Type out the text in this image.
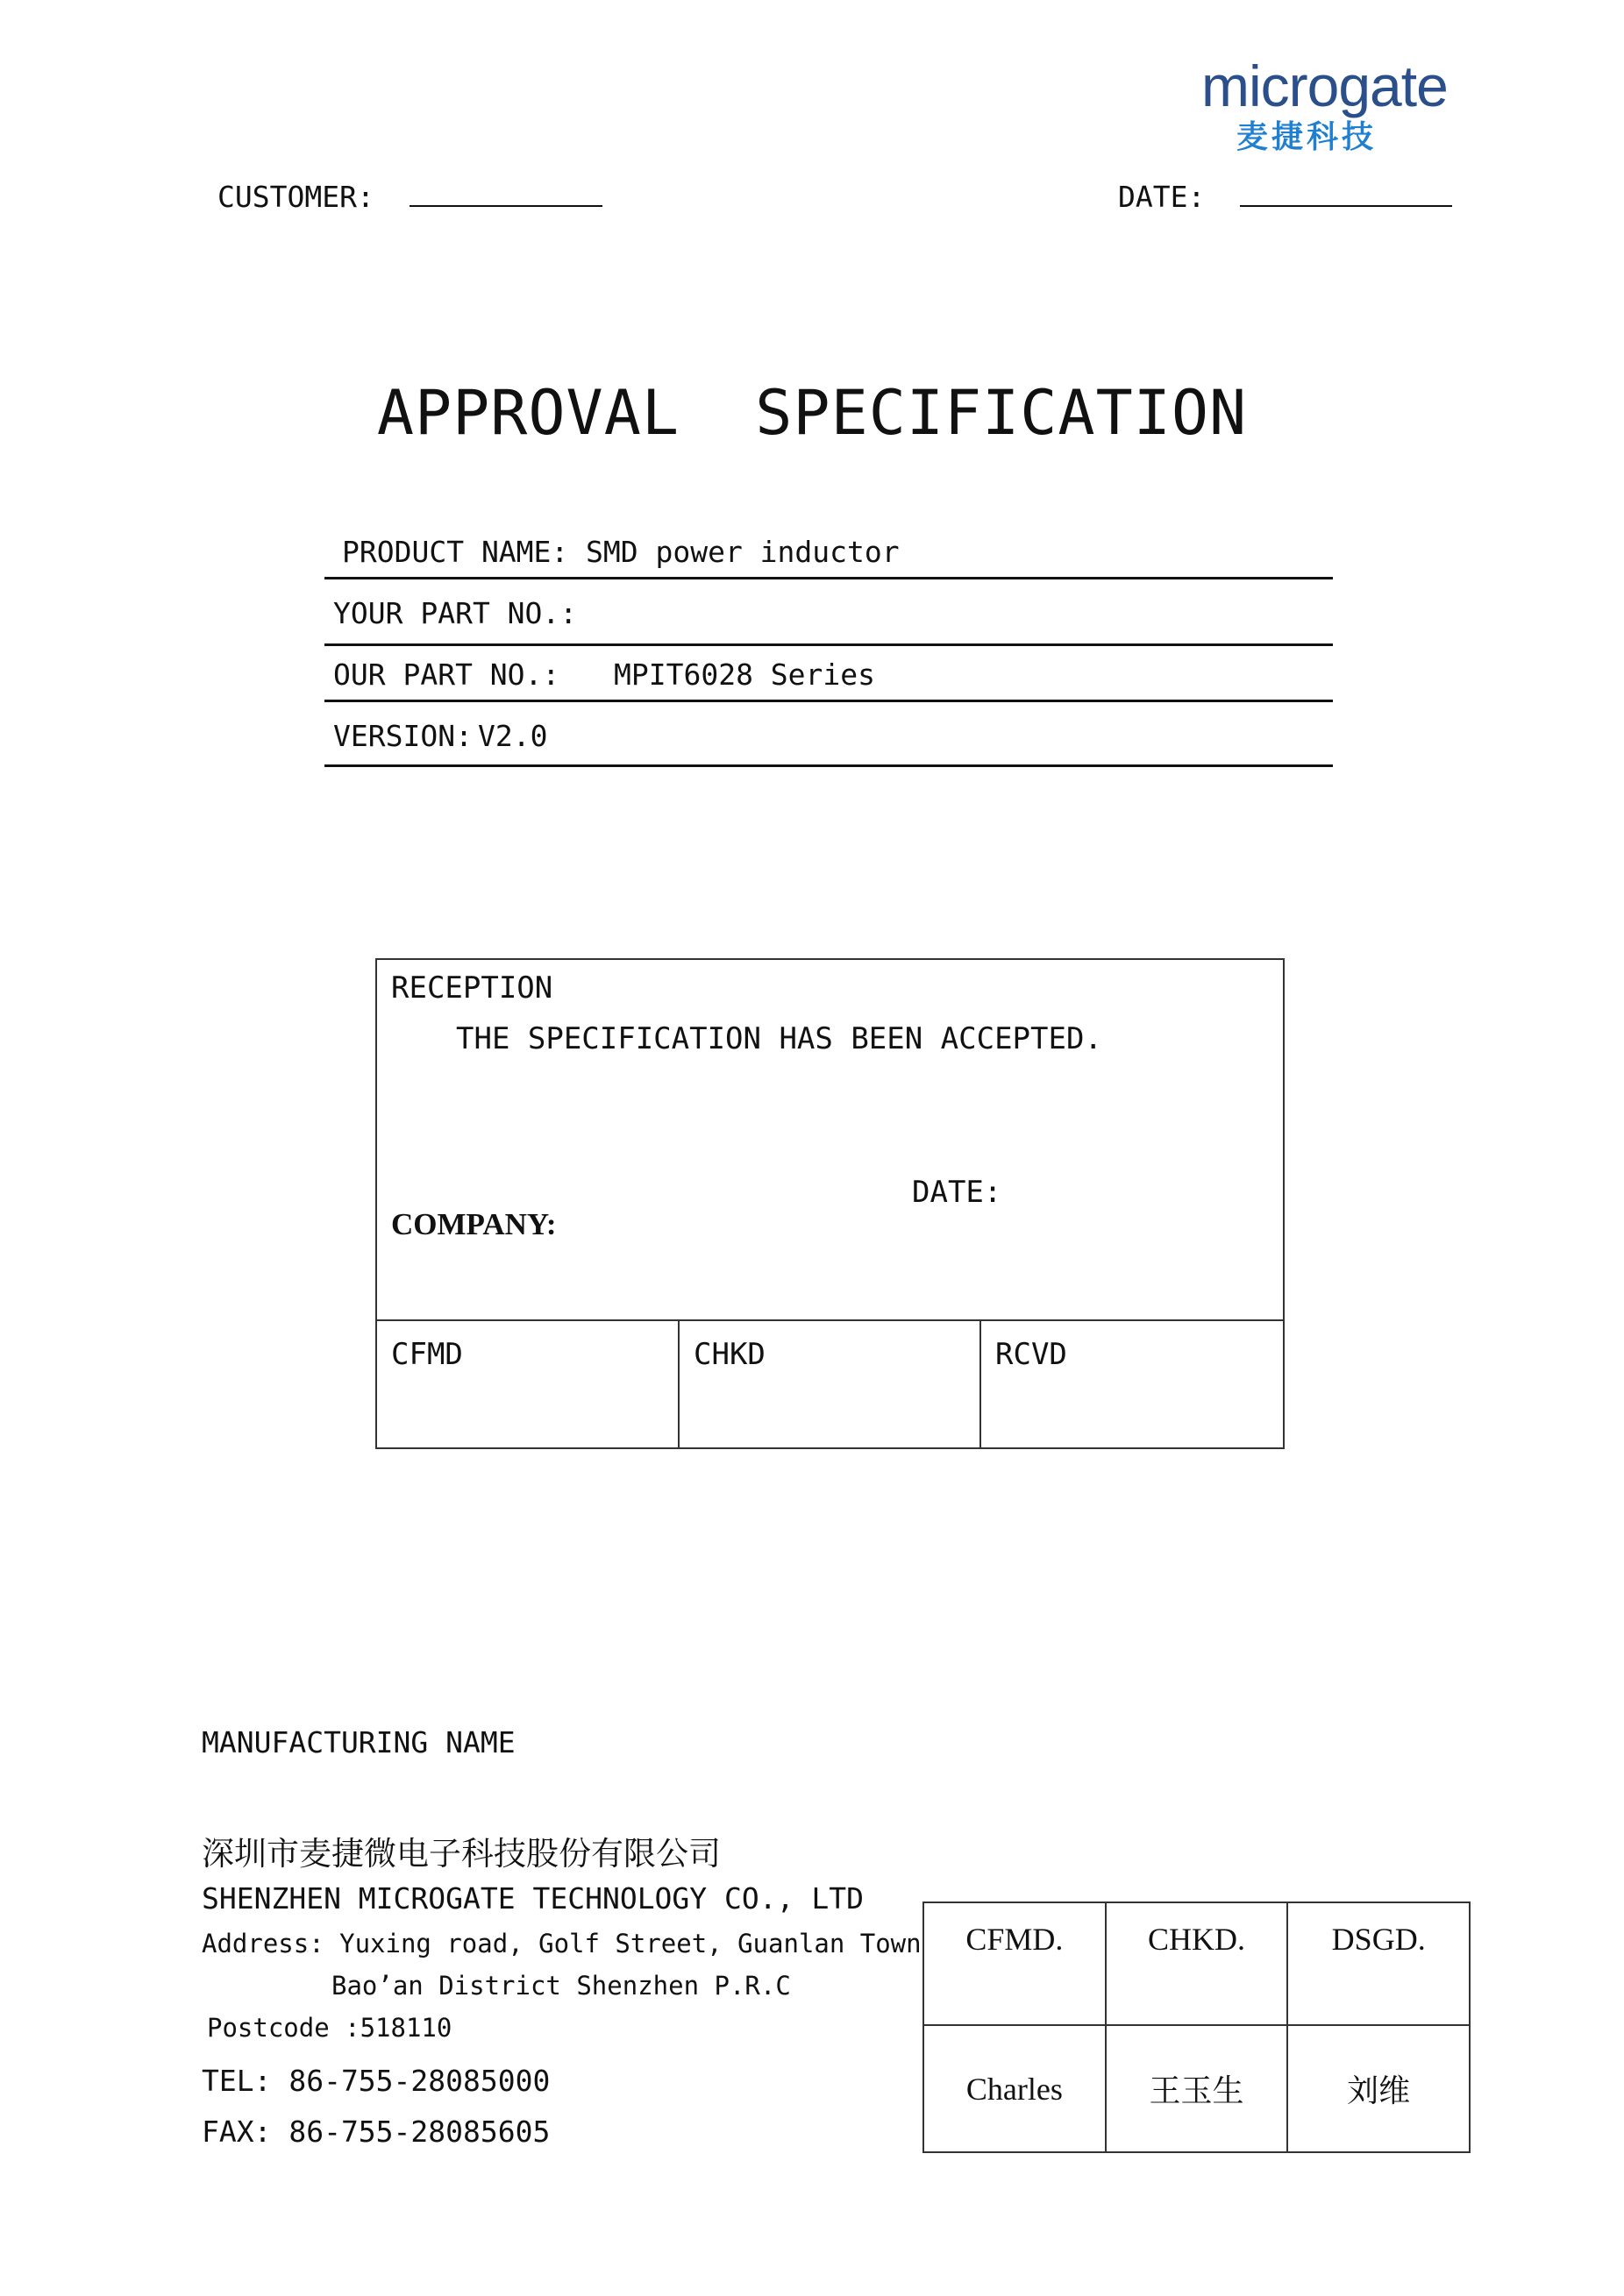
microgate
麦捷科技
CUSTOMER:	DATE:
APPROVAL  SPECIFICATION
PRODUCT NAME: SMD power inductor
YOUR PART NO.:
OUR PART NO.: MPIT6028 Series
VERSION: V2.0
RECEPTION
THE SPECIFICATION HAS BEEN ACCEPTED.
DATE:
COMPANY:
CFMD	CHKD	RCVD
MANUFACTURING NAME
深圳市麦捷微电子科技股份有限公司
SHENZHEN MICROGATE TECHNOLOGY CO., LTD
Address: Yuxing road, Golf Street, Guanlan Town
Bao’an District Shenzhen P.R.C
Postcode :518110
TEL: 86-755-28085000
FAX: 86-755-28085605
CFMD.	CHKD.	DSGD.
Charles	王玉生	刘维
